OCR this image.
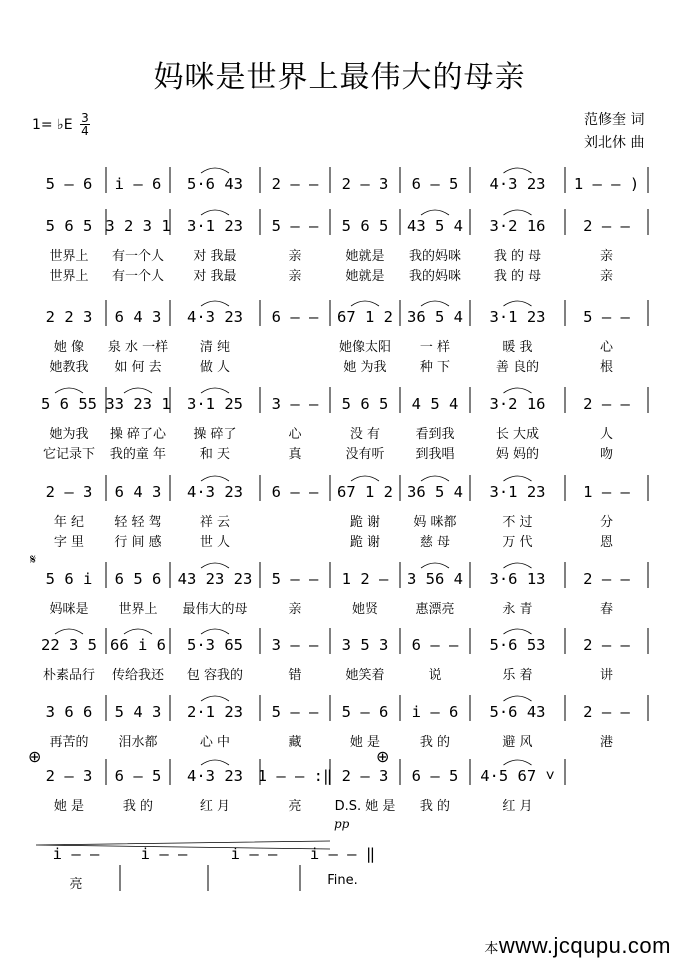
妈咪是世界上最伟大的母亲
1= ♭E $\frac{3}{4}$	范修奎 词
刘北休 曲
5 – 6 i – 6 5·6 43 2 – – 2 – 3 6 – 5 4·3 23 1 – – )
5 6 5 3 2 3 1 3·1 23 5 – – 5 6 5 43 5 4 3·2 16 2 – –
世界上 有一个人 对 我最	亲	她就是 我的妈咪	我 的 母	亲
世界上 有一个人 对 我最	亲	她就是 我的妈咪	我 的 母	亲
2 2 3 6 4 3 4·3 23 6 – – 67 1 2 36 5 4 3·1 23 5 – –
她 像 泉 水 一样 清 纯	她像太阳 一 样	暖 我	心
她教我 如 何 去	做 人	她 为我	种 下	善 良的	根
5 6 55 33 23 1 3·1 25 3 – – 5 6 5 4 5 4 3·2 16 2 – –
她为我 操 碎了心 操 碎了	心	没 有	看到我	长 大成	人
它记录下 我的童 年	和 天	真	没有听 到我唱	妈 妈的	吻
2 – 3 6 4 3 4·3 23 6 – – 67 1 2 36 5 4 3·1 23 1 – –
年 纪 轻 轻 驾	祥 云	跪 谢	妈 咪都	不 过	分
字 里 行 间 感	世 人	跪 谢	慈 母	万 代	恩
5 6 i 6 5 6 43 23 23 5 – – 1 2 – 3 56 4 3·6 13 2 – –
𝄋
妈咪是 世界上 最伟大的母	亲	她贤	惠漂亮	永 青	春
22 3 5 66 i 6 5·3 65 3 – – 3 5 3 6 – – 5·6 53 2 – –
朴素品行 传给我还 包 容我的	错	她笑着	说	乐 着	讲
3 6 6 5 4 3 2·1 23 5 – – 5 – 6 i – 6 5·6 43 2 – –
再苦的 泪水都	心 中	藏	她 是	我 的	避 风	港
2 – 3 6 – 5 4·3 23 1 – – :‖ 2 – 3 6 – 5 4·5 67 ˅
⊕	⊕
她 是	我 的	红 月	亮	D.S. 她 是 我 的	红 月
i – –	i – –	i – – i – – ‖
pp
亮	Fine.
本www.jcqupu.com
